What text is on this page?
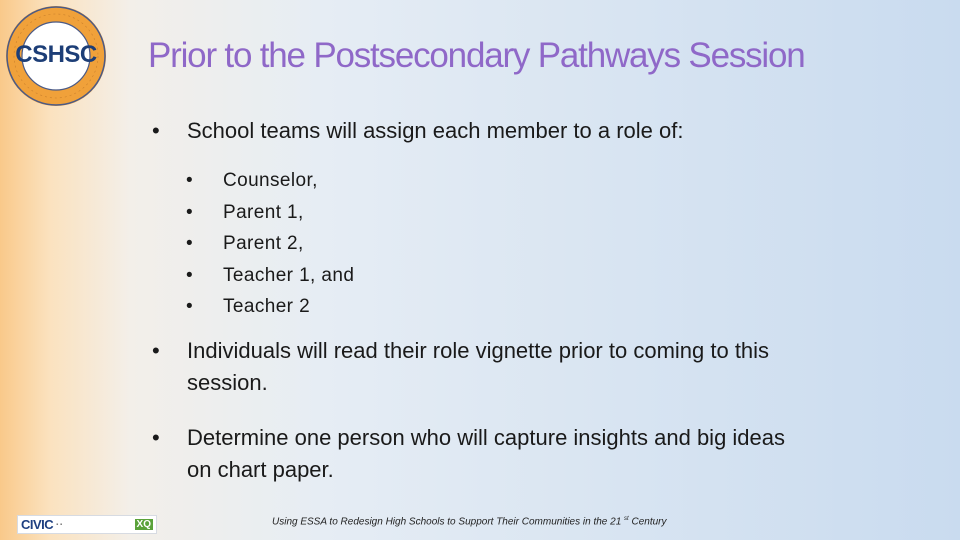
CSHSC	Prior to the Postsecondary Pathways Session
• School teams will assign each member to a role of:
• Counselor,
• Parent 1,
• Parent 2,
• Teacher 1, and
• Teacher 2
• Individuals will read their role vignette prior to coming to this
session.
• Determine one person who will capture insights and big ideas
on chart paper.
CIVIC ▪ ▪	XQ	Using ESSA to Redesign High Schools to Support Their Communities in the 21 $^{st}$ Century
